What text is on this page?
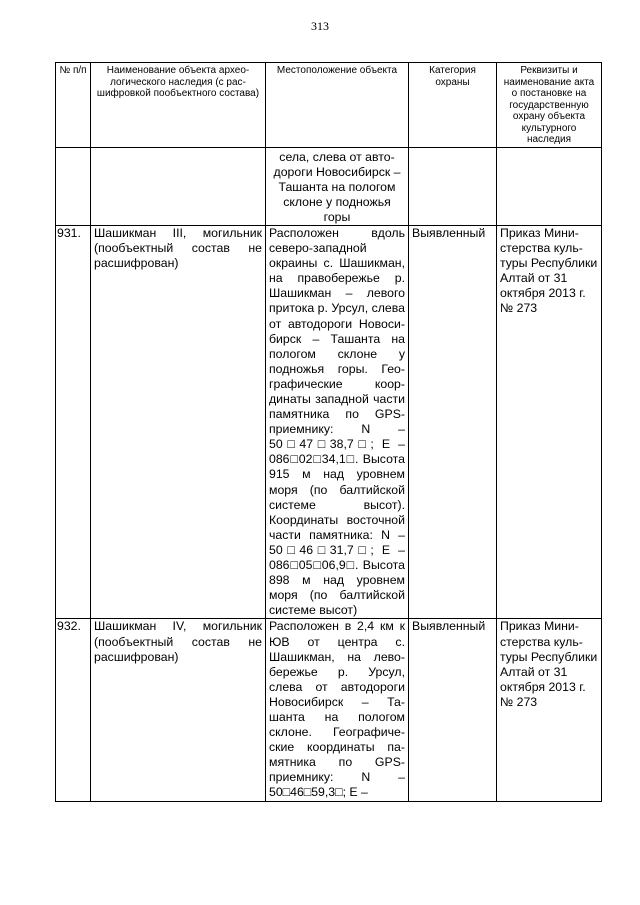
313
№ п/п	Наименование объекта археологического наследия (с расшифровкой пообъектного состава)	Местоположение объекта	Категория охраны	Реквизиты и наименование акта о постановке на государственную охрану объекта культурного наследия
		села, слева от автодороги Новосибирск –Ташанта на пологом склоне у подножья горы		
931.	Шашикман III, могильник (пообъектный состав не расшифрован)	Расположен вдоль северо-западной окраины с. Шашикман, на правобережье р. Шашикман – левого притока р. Урсул, слева от автодороги Новосибирск – Ташанта на пологом склоне у подножья горы. Географические координаты западной части памятника по GPS-приемнику: N – 50□47□38,7□; E – 086□02□34,1□. Высота 915 м над уровнем моря (по балтийской системе высот). Координаты восточной части памятника: N – 50□46□31,7□; E – 086□05□06,9□. Высота 898 м над уровнем моря (по балтийской системе высот)	Выявленный	Приказ Министерства культуры Республики Алтай от 31 октября 2013 г. № 273
932.	Шашикман IV, могильник (пообъектный состав не расшифрован)	Расположен в 2,4 км к ЮВ от центра с. Шашикман, на левобережье р. Урсул, слева от автодороги Новосибирск – Ташанта на пологом склоне. Географические координаты памятника по GPS-приемнику: N – 50□46□59,3□; E –	Выявленный	Приказ Министерства культуры Республики Алтай от 31 октября 2013 г. № 273
